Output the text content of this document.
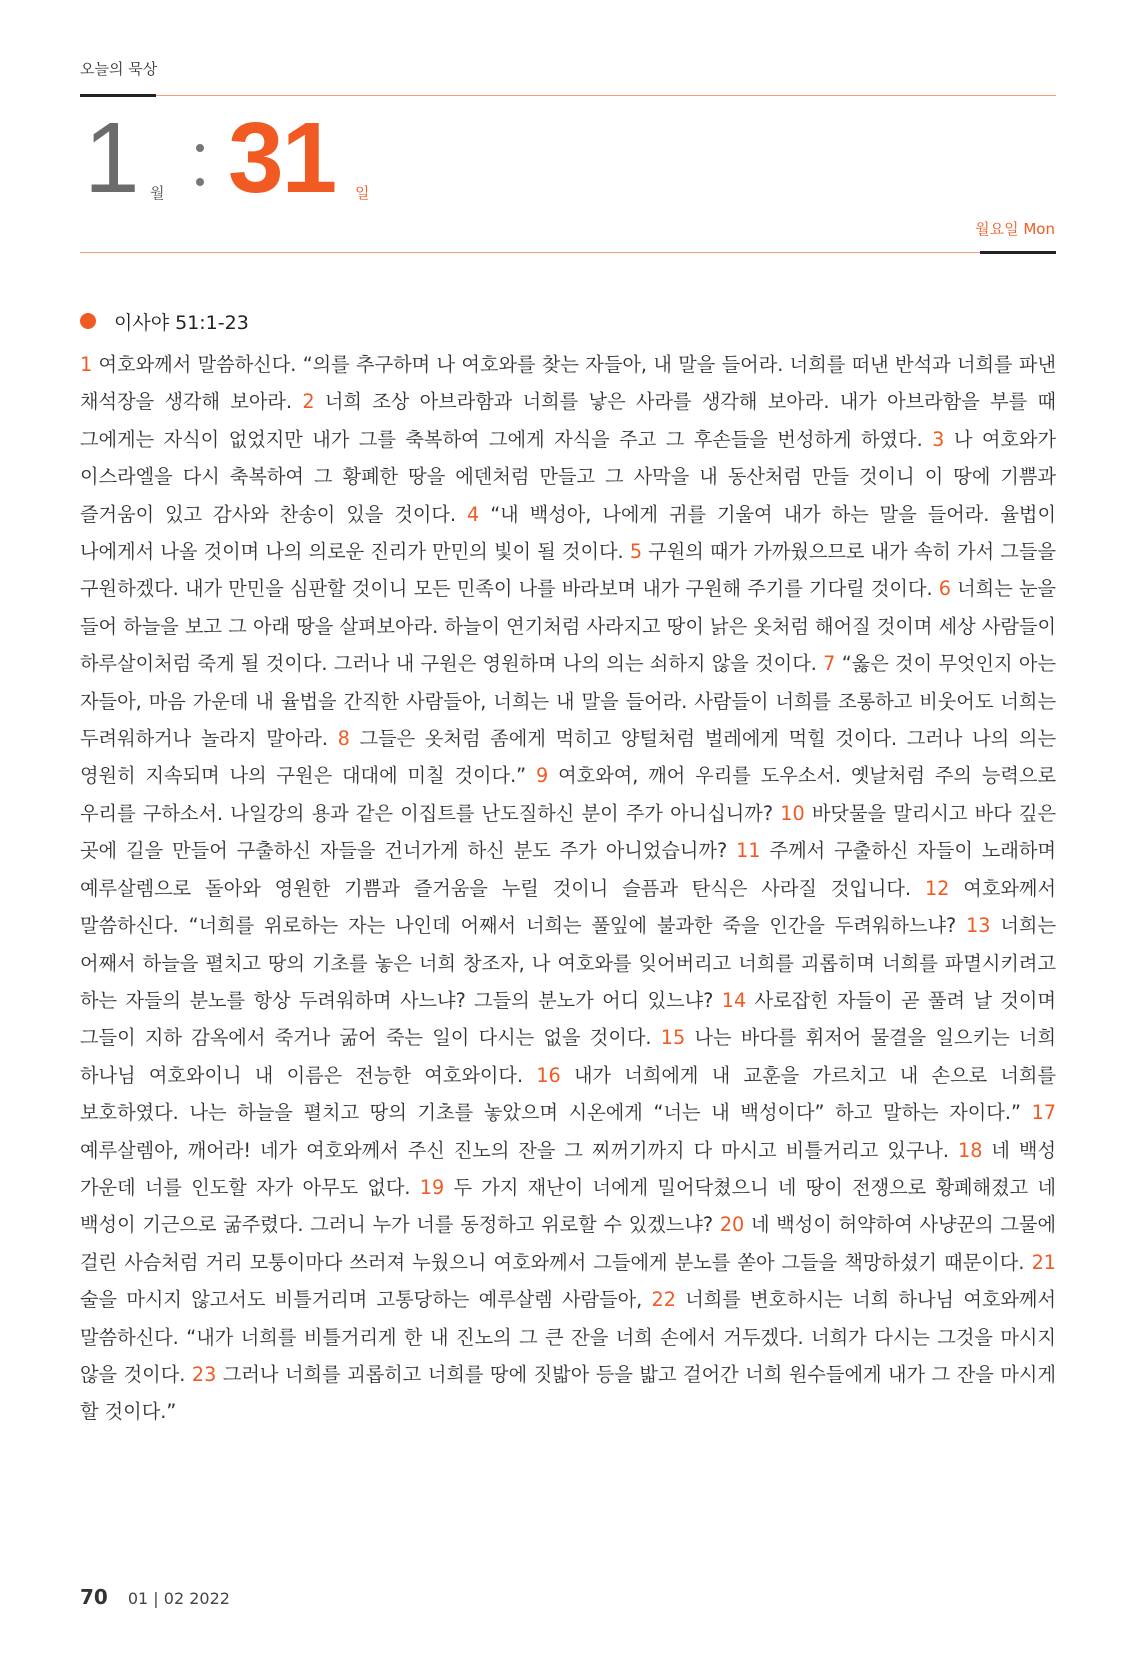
오늘의 묵상
1 월 31 일
월요일 Mon
이사야 51:1-23
1 여호와께서 말씀하신다. “의를 추구하며 나 여호와를 찾는 자들아, 내 말을 들어라. 너희를 떠낸 반석과 너희를 파낸 채석장을 생각해 보아라. 2 너희 조상 아브라함과 너희를 낳은 사라를 생각해 보아라. 내가 아브라함을 부를 때 그에게는 자식이 없었지만 내가 그를 축복하여 그에게 자식을 주고 그 후손들을 번성하게 하였다. 3 나 여호와가 이스라엘을 다시 축복하여 그 황폐한 땅을 에덴처럼 만들고 그 사막을 내 동산처럼 만들 것이니 이 땅에 기쁨과 즐거움이 있고 감사와 찬송이 있을 것이다. 4 “내 백성아, 나에게 귀를 기울여 내가 하는 말을 들어라. 율법이 나에게서 나올 것이며 나의 의로운 진리가 만민의 빛이 될 것이다. 5 구원의 때가 가까웠으므로 내가 속히 가서 그들을 구원하겠다. 내가 만민을 심판할 것이니 모든 민족이 나를 바라보며 내가 구원해 주기를 기다릴 것이다. 6 너희는 눈을 들어 하늘을 보고 그 아래 땅을 살펴보아라. 하늘이 연기처럼 사라지고 땅이 낡은 옷처럼 해어질 것이며 세상 사람들이 하루살이처럼 죽게 될 것이다. 그러나 내 구원은 영원하며 나의 의는 쇠하지 않을 것이다. 7 “옳은 것이 무엇인지 아는 자들아, 마음 가운데 내 율법을 간직한 사람들아, 너희는 내 말을 들어라. 사람들이 너희를 조롱하고 비웃어도 너희는 두려워하거나 놀라지 말아라. 8 그들은 옷처럼 좀에게 먹히고 양털처럼 벌레에게 먹힐 것이다. 그러나 나의 의는 영원히 지속되며 나의 구원은 대대에 미칠 것이다.” 9 여호와여, 깨어 우리를 도우소서. 옛날처럼 주의 능력으로 우리를 구하소서. 나일강의 용과 같은 이집트를 난도질하신 분이 주가 아니십니까? 10 바닷물을 말리시고 바다 깊은 곳에 길을 만들어 구출하신 자들을 건너가게 하신 분도 주가 아니었습니까? 11 주께서 구출하신 자들이 노래하며 예루살렘으로 돌아와 영원한 기쁨과 즐거움을 누릴 것이니 슬픔과 탄식은 사라질 것입니다. 12 여호와께서 말씀하신다. “너희를 위로하는 자는 나인데 어째서 너희는 풀잎에 불과한 죽을 인간을 두려워하느냐? 13 너희는 어째서 하늘을 펼치고 땅의 기초를 놓은 너희 창조자, 나 여호와를 잊어버리고 너희를 괴롭히며 너희를 파멸시키려고 하는 자들의 분노를 항상 두려워하며 사느냐? 그들의 분노가 어디 있느냐? 14 사로잡힌 자들이 곧 풀려 날 것이며 그들이 지하 감옥에서 죽거나 굶어 죽는 일이 다시는 없을 것이다. 15 나는 바다를 휘저어 물결을 일으키는 너희 하나님 여호와이니 내 이름은 전능한 여호와이다. 16 내가 너희에게 내 교훈을 가르치고 내 손으로 너희를 보호하였다. 나는 하늘을 펼치고 땅의 기초를 놓았으며 시온에게 “너는 내 백성이다” 하고 말하는 자이다.” 17 예루살렘아, 깨어라! 네가 여호와께서 주신 진노의 잔을 그 찌꺼기까지 다 마시고 비틀거리고 있구나. 18 네 백성 가운데 너를 인도할 자가 아무도 없다. 19 두 가지 재난이 너에게 밀어닥쳤으니 네 땅이 전쟁으로 황폐해졌고 네 백성이 기근으로 굶주렸다. 그러니 누가 너를 동정하고 위로할 수 있겠느냐? 20 네 백성이 허약하여 사냥꾼의 그물에 걸린 사슴처럼 거리 모퉁이마다 쓰러져 누웠으니 여호와께서 그들에게 분노를 쏟아 그들을 책망하셨기 때문이다. 21 술을 마시지 않고서도 비틀거리며 고통당하는 예루살렘 사람들아, 22 너희를 변호하시는 너희 하나님 여호와께서 말씀하신다. “내가 너희를 비틀거리게 한 내 진노의 그 큰 잔을 너희 손에서 거두겠다. 너희가 다시는 그것을 마시지 않을 것이다. 23 그러나 너희를 괴롭히고 너희를 땅에 짓밟아 등을 밟고 걸어간 너희 원수들에게 내가 그 잔을 마시게 할 것이다.”
70 01 | 02 2022
